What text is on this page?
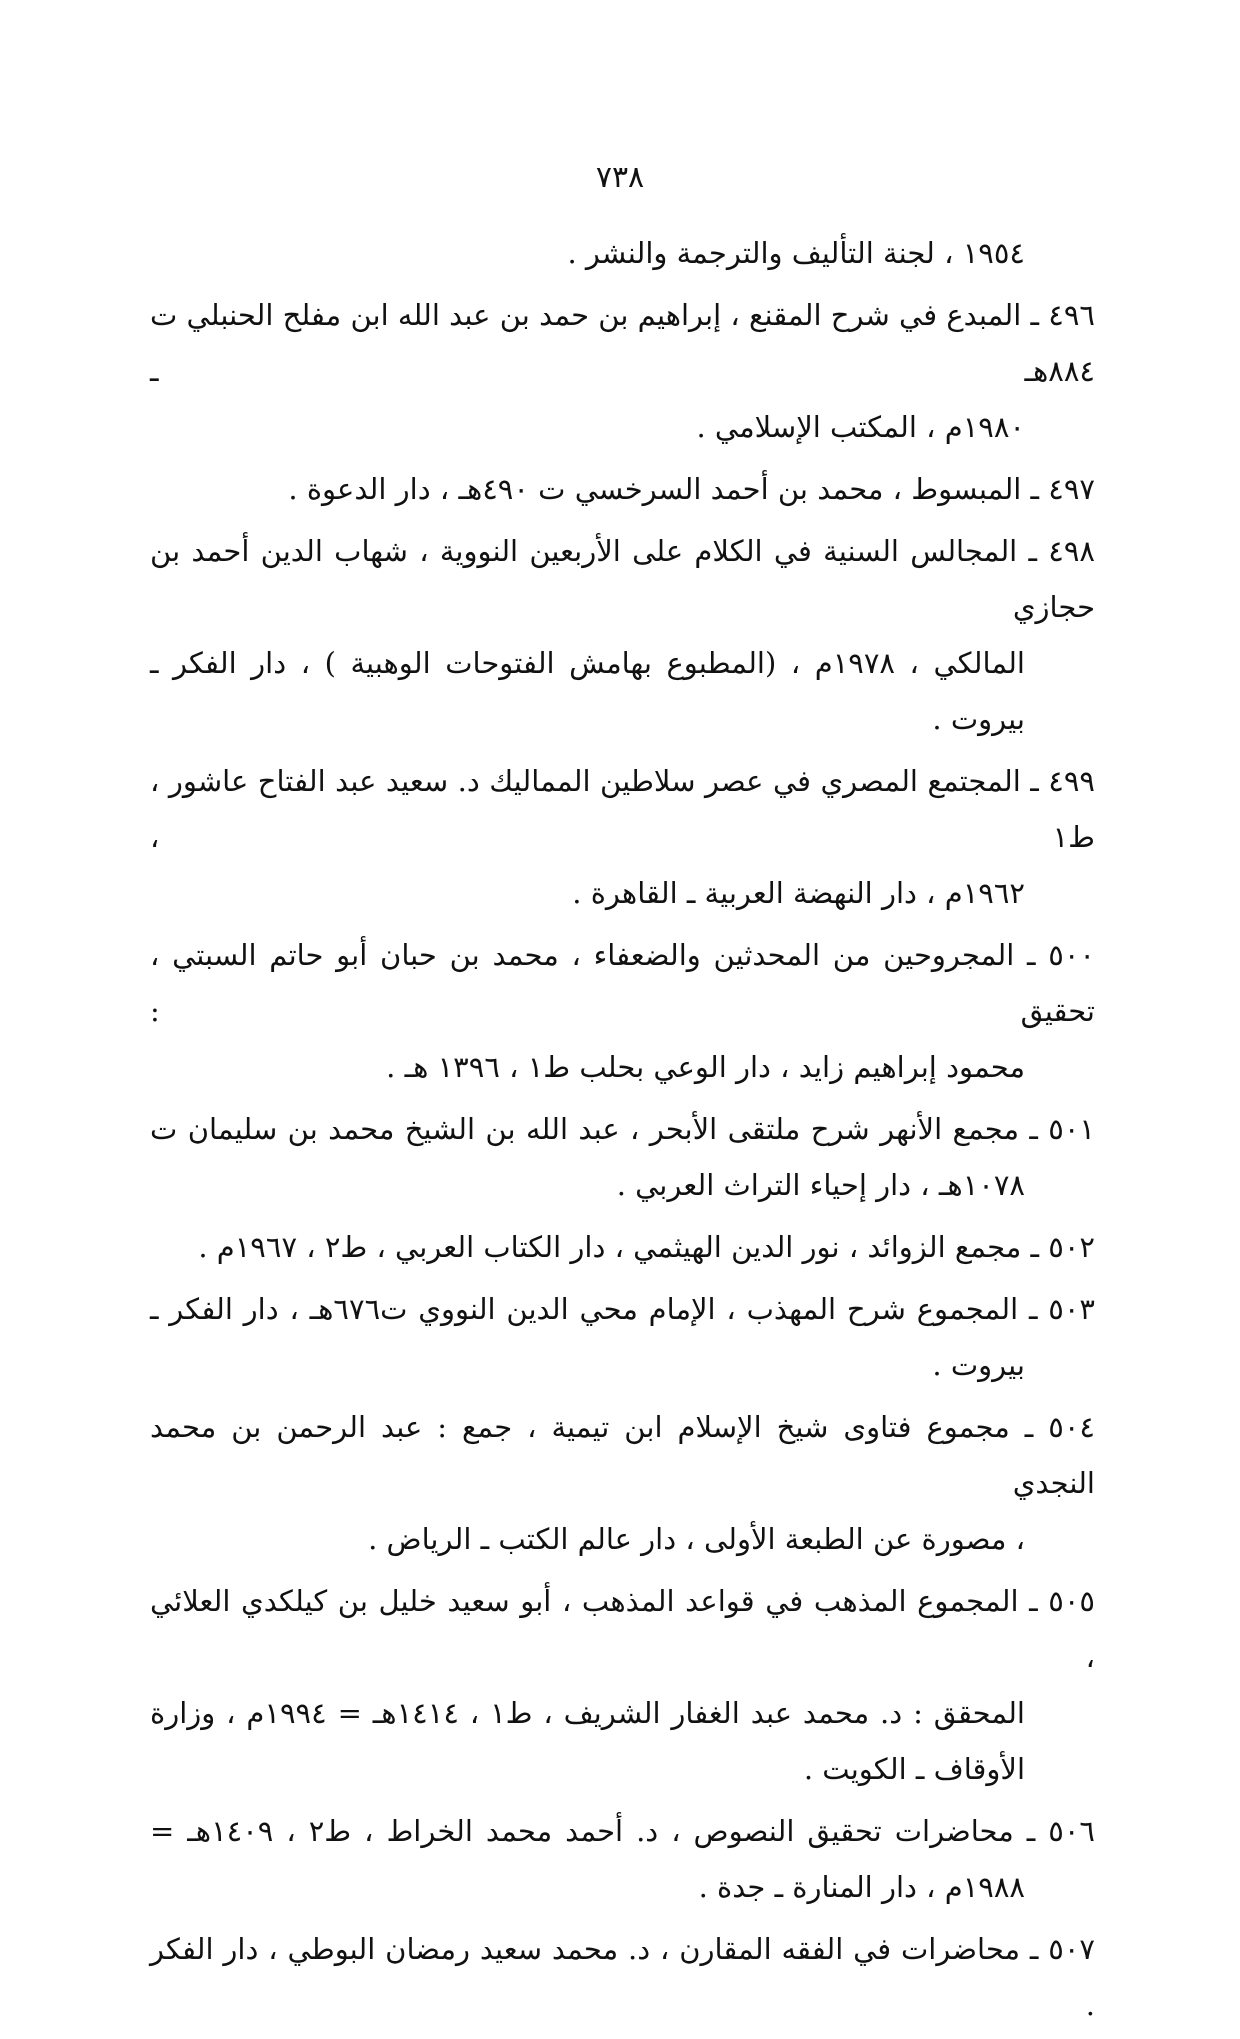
٧٣٨
١٩٥٤ ، لجنة التأليف والترجمة والنشر .
٤٩٦ ـ المبدع في شرح المقنع ، إبراهيم بن حمد بن عبد الله ابن مفلح الحنبلي ت ٨٨٤هـ ـ
١٩٨٠م ، المكتب الإسلامي .
٤٩٧ ـ المبسوط ، محمد بن أحمد السرخسي ت ٤٩٠هـ ، دار الدعوة .
٤٩٨ ـ المجالس السنية في الكلام على الأربعين النووية ، شهاب الدين أحمد بن حجازي
المالكي ، ١٩٧٨م ، (المطبوع بهامش الفتوحات الوهبية ) ، دار الفكر ـ بيروت .
٤٩٩ ـ المجتمع المصري في عصر سلاطين المماليك د. سعيد عبد الفتاح عاشور ، ط١ ،
١٩٦٢م ، دار النهضة العربية ـ القاهرة .
٥٠٠ ـ المجروحين من المحدثين والضعفاء ، محمد بن حبان أبو حاتم السبتي ، تحقيق :
محمود إبراهيم زايد ، دار الوعي بحلب ط١ ، ١٣٩٦ هـ .
٥٠١ ـ مجمع الأنهر شرح ملتقى الأبحر ، عبد الله بن الشيخ محمد بن سليمان ت
١٠٧٨هـ ، دار إحياء التراث العربي .
٥٠٢ ـ مجمع الزوائد ، نور الدين الهيثمي ، دار الكتاب العربي ، ط٢ ، ١٩٦٧م .
٥٠٣ ـ المجموع شرح المهذب ، الإمام محي الدين النووي ت٦٧٦هـ ، دار الفكر ـ
بيروت .
٥٠٤ ـ مجموع فتاوى شيخ الإسلام ابن تيمية ، جمع : عبد الرحمن بن محمد النجدي
، مصورة عن الطبعة الأولى ، دار عالم الكتب ـ الرياض .
٥٠٥ ـ المجموع المذهب في قواعد المذهب ، أبو سعيد خليل بن كيلكدي العلائي ،
المحقق : د. محمد عبد الغفار الشريف ، ط١ ، ١٤١٤هـ = ١٩٩٤م ، وزارة
الأوقاف ـ الكويت .
٥٠٦ ـ محاضرات تحقيق النصوص ، د. أحمد محمد الخراط ، ط٢ ، ١٤٠٩هـ =
١٩٨٨م ، دار المنارة ـ جدة .
٥٠٧ ـ محاضرات في الفقه المقارن ، د. محمد سعيد رمضان البوطي ، دار الفكر .
